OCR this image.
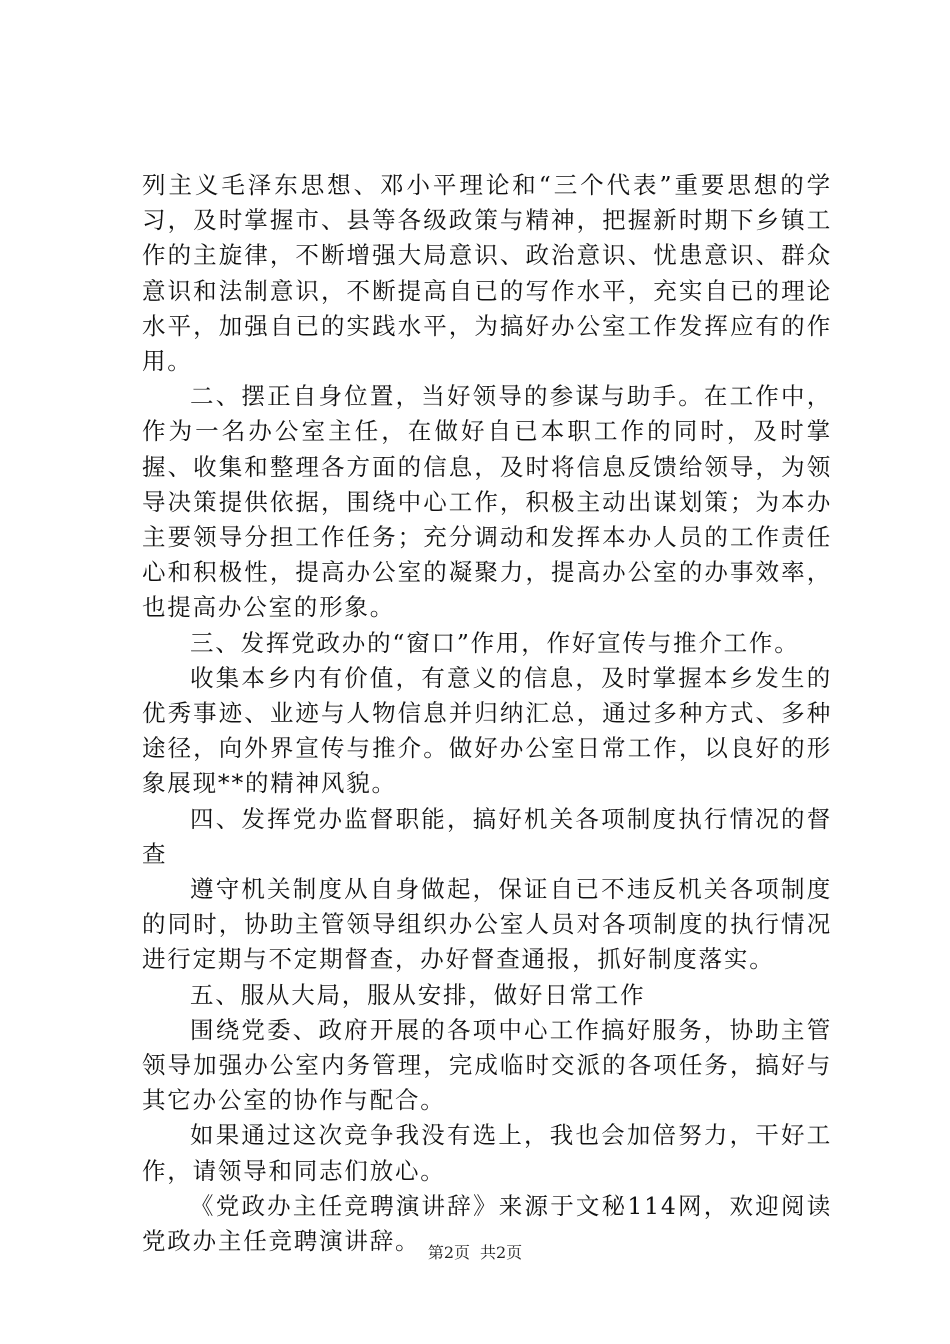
列主义毛泽东思想、邓小平理论和“三个代表”重要思想的学习，及时掌握市、县等各级政策与精神，把握新时期下乡镇工作的主旋律，不断增强大局意识、政治意识、忧患意识、群众意识和法制意识，不断提高自已的写作水平，充实自已的理论水平，加强自已的实践水平，为搞好办公室工作发挥应有的作用。

二、摆正自身位置，当好领导的参谋与助手。在工作中，作为一名办公室主任，在做好自已本职工作的同时，及时掌握、收集和整理各方面的信息，及时将信息反馈给领导，为领导决策提供依据，围绕中心工作，积极主动出谋划策；为本办主要领导分担工作任务；充分调动和发挥本办人员的工作责任心和积极性，提高办公室的凝聚力，提高办公室的办事效率，也提高办公室的形象。

三、发挥党政办的“窗口”作用，作好宣传与推介工作。

收集本乡内有价值，有意义的信息，及时掌握本乡发生的优秀事迹、业迹与人物信息并归纳汇总，通过多种方式、多种途径，向外界宣传与推介。做好办公室日常工作，以良好的形象展现**的精神风貌。

四、发挥党办监督职能，搞好机关各项制度执行情况的督查

遵守机关制度从自身做起，保证自已不违反机关各项制度的同时，协助主管领导组织办公室人员对各项制度的执行情况进行定期与不定期督查，办好督查通报，抓好制度落实。

五、服从大局，服从安排，做好日常工作

围绕党委、政府开展的各项中心工作搞好服务，协助主管领导加强办公室内务管理，完成临时交派的各项任务，搞好与其它办公室的协作与配合。

如果通过这次竞争我没有选上，我也会加倍努力，干好工作，请领导和同志们放心。

《党政办主任竞聘演讲辞》来源于文秘114网，欢迎阅读党政办主任竞聘演讲辞。 第2页 共2页
